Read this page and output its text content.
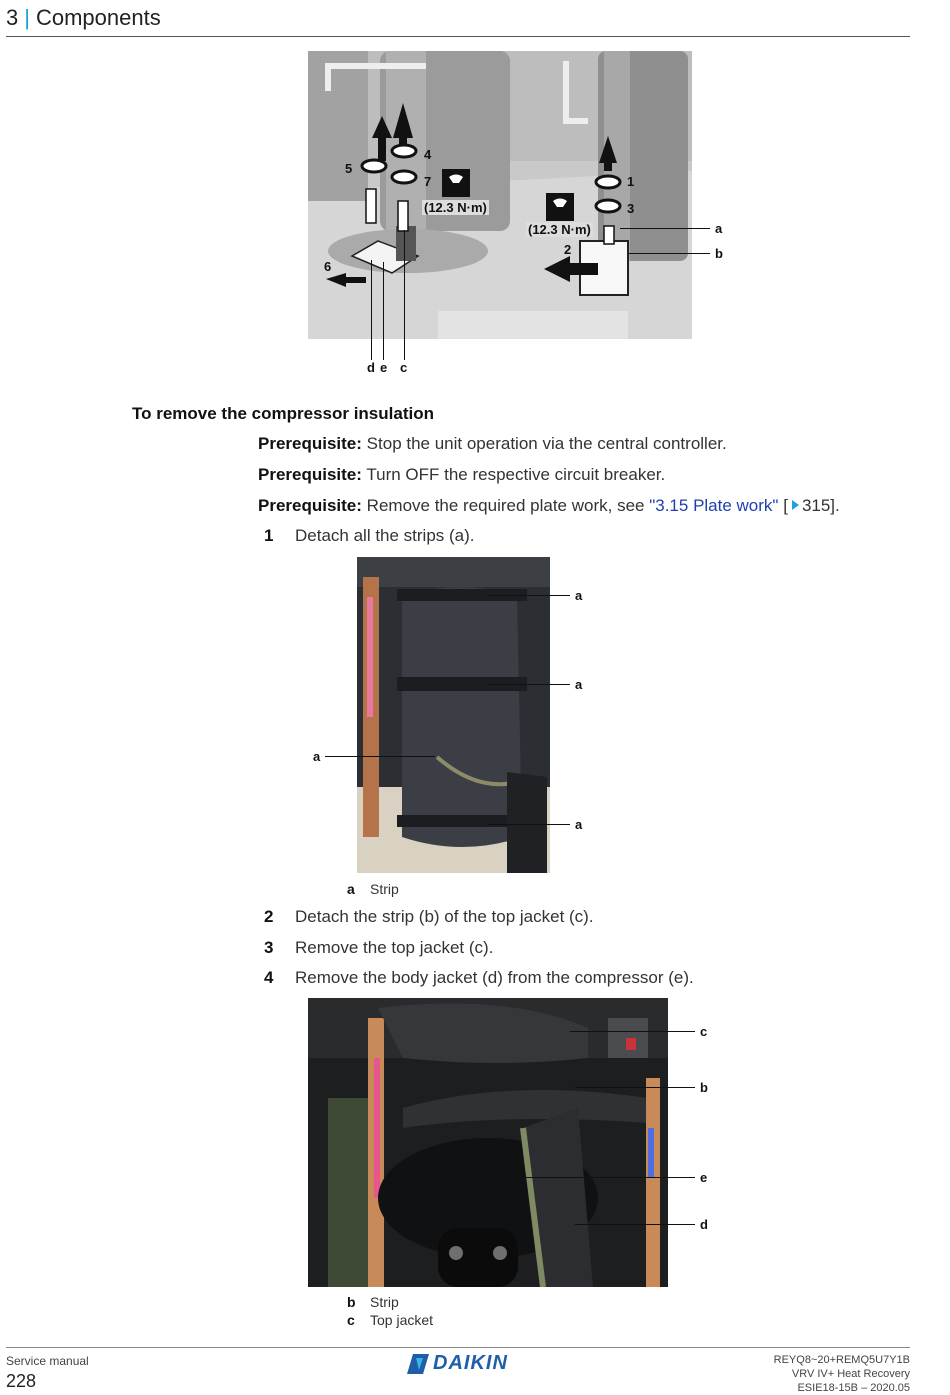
3 | Components
4
5
7	1
3
2
6
(12.3 N·m)
(12.3 N·m)	a
b
d e c
To remove the compressor insulation
Prerequisite: Stop the unit operation via the central controller.
Prerequisite: Turn OFF the respective circuit breaker.
Prerequisite: Remove the required plate work, see "3.15 Plate work" [ 315].
1 Detach all the strips (a).
a
a
a
a
a Strip
2 Detach the strip (b) of the top jacket (c).
3 Remove the top jacket (c).
4 Remove the body jacket (d) from the compressor (e).
c
b
e
d
b Strip
c Top jacket
Service manual
228
DAIKIN	REYQ8~20+REMQ5U7Y1B
VRV IV+ Heat Recovery
ESIE18-15B – 2020.05
